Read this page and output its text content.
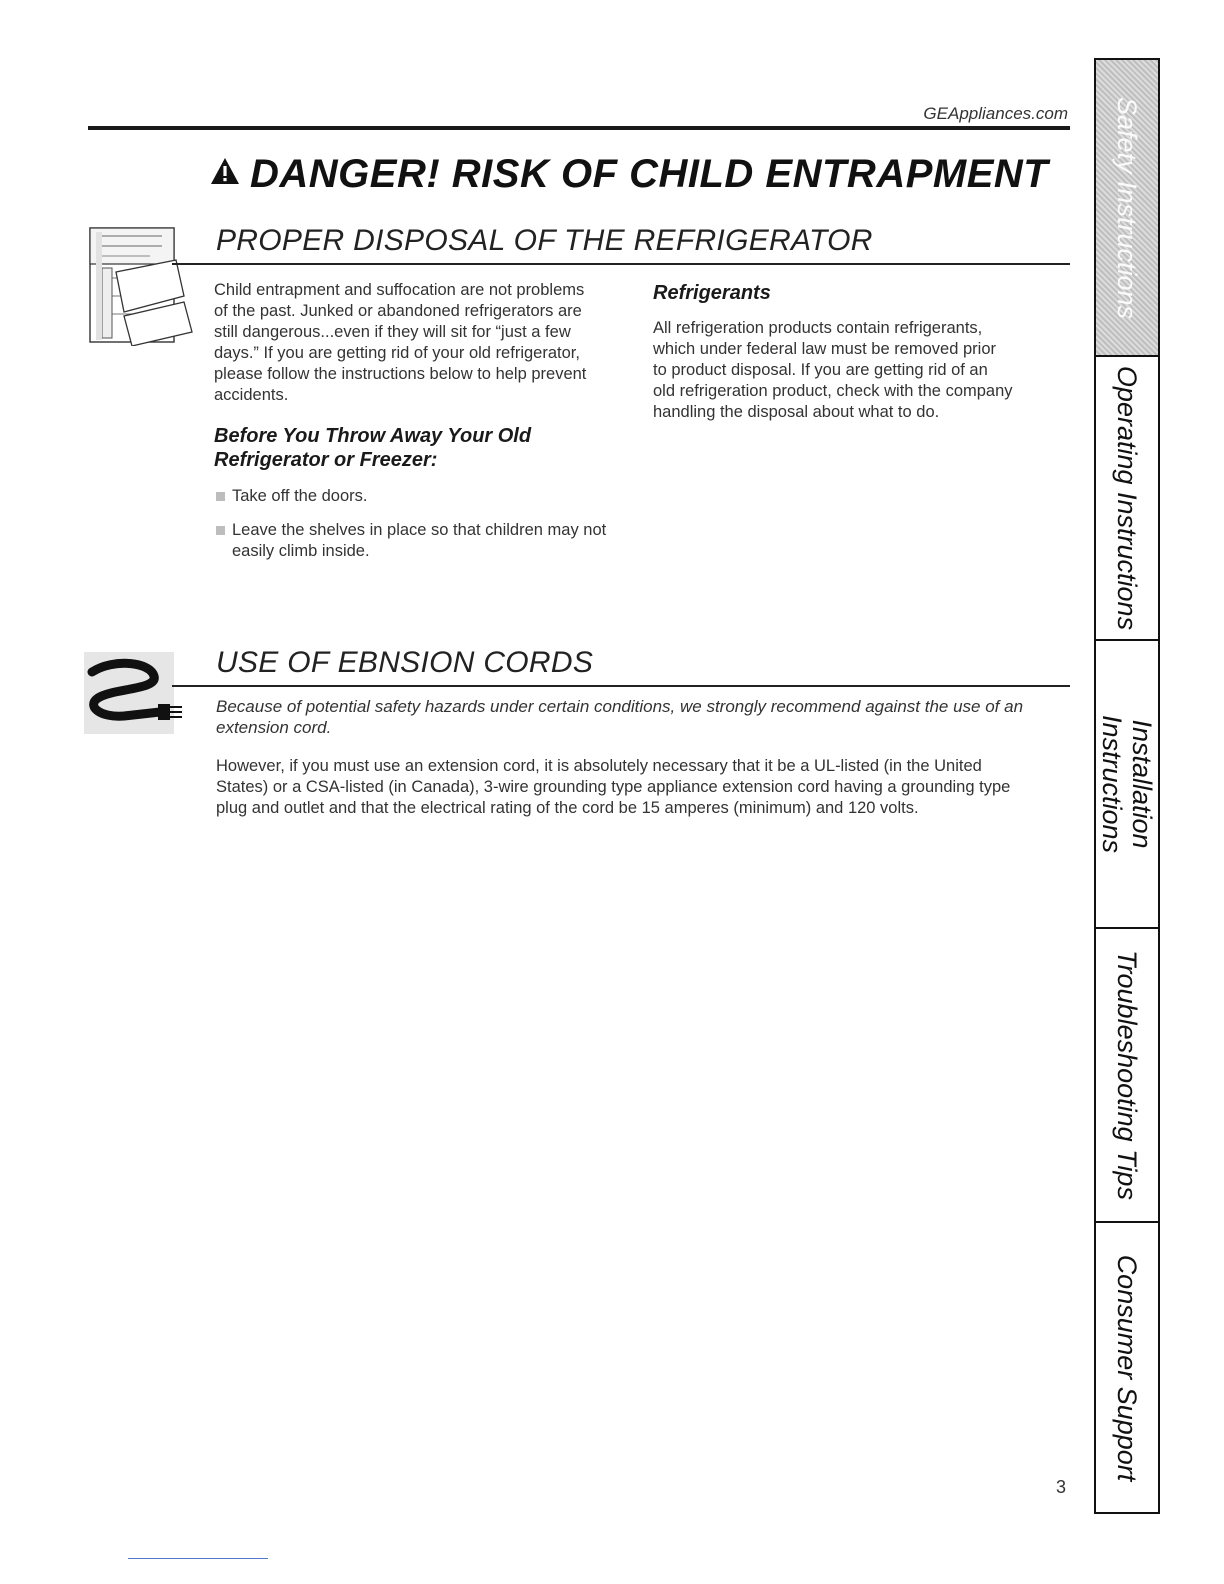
GEAppliances.com
DANGER! RISK OF CHILD ENTRAPMENT
PROPER DISPOSAL OF THE REFRIGERATOR
Child entrapment and suffocation are not problems
of the past. Junked or abandoned refrigerators are
still dangerous...even if they will sit for “just a few
days.” If you are getting rid of your old refrigerator,
please follow the instructions below to help prevent
accidents.
Before You Throw Away Your Old
Refrigerator or Freezer:
Take off the doors.
Leave the shelves in place so that children may not easily climb inside.
Refrigerants
All refrigeration products contain refrigerants,
which under federal law must be removed prior
to product disposal. If you are getting rid of an
old refrigeration product, check with the company
handling the disposal about what to do.
USE OF EBNSION CORDS
Because of potential safety hazards under certain conditions, we strongly recommend against the use of an extension cord.
However, if you must use an extension cord, it is absolutely necessary that it be a UL-listed (in the United
States) or a CSA-listed (in Canada), 3-wire grounding type appliance extension cord having a grounding type
plug and outlet and that the electrical rating of the cord be 15 amperes (minimum) and 120 volts.
Safety Instructions
Operating Instructions
Installation Instructions
Troubleshooting Tips
Consumer Support
3
